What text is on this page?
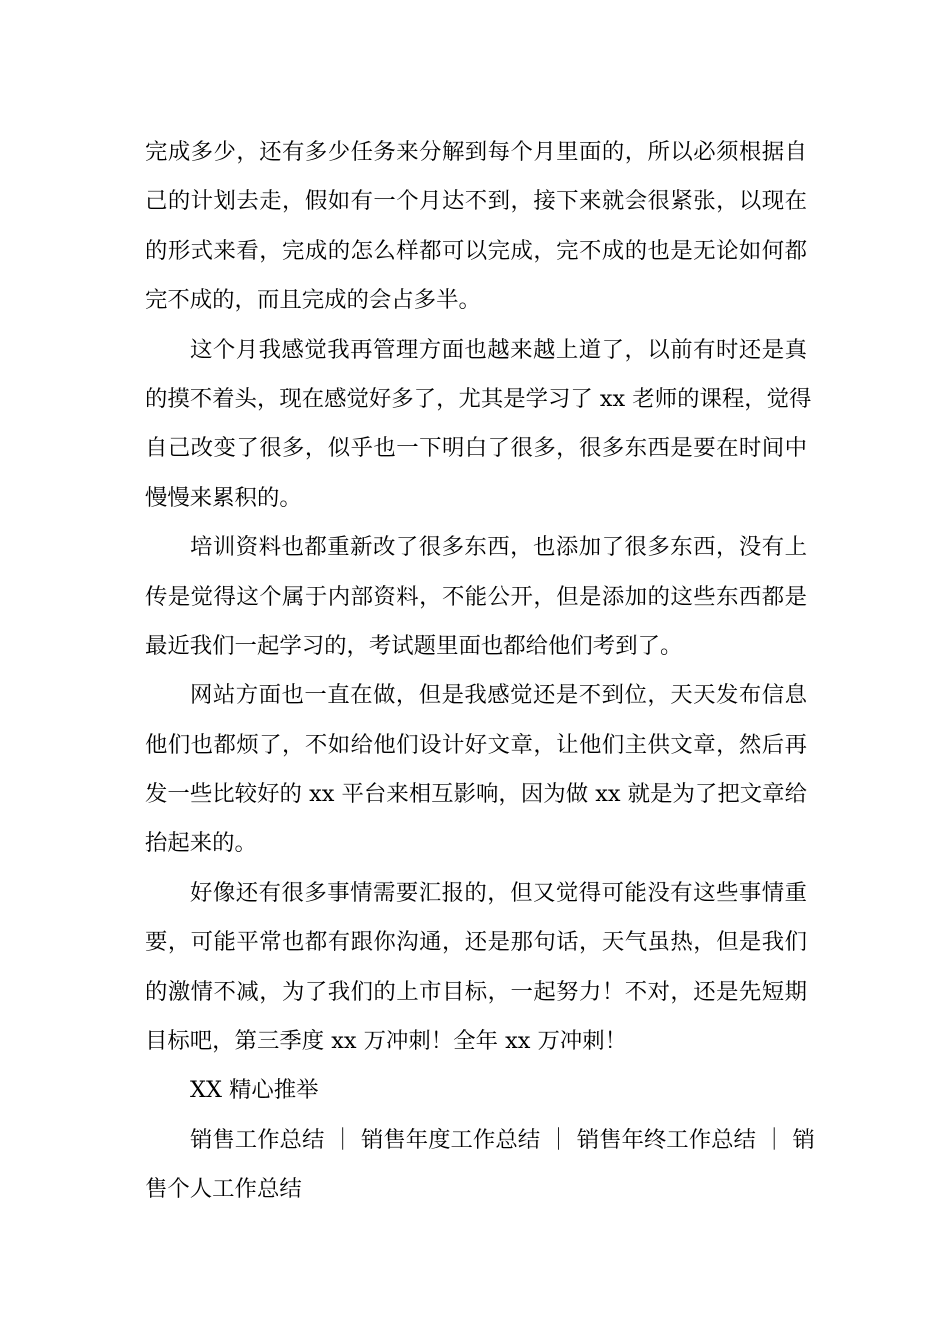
完成多少，还有多少任务来分解到每个月里面的，所以必须根据自
己的计划去走，假如有一个月达不到，接下来就会很紧张，以现在
的形式来看，完成的怎么样都可以完成，完不成的也是无论如何都
完不成的，而且完成的会占多半。
这个月我感觉我再管理方面也越来越上道了，以前有时还是真
的摸不着头，现在感觉好多了，尤其是学习了 xx 老师的课程，觉得
自己改变了很多，似乎也一下明白了很多，很多东西是要在时间中
慢慢来累积的。
培训资料也都重新改了很多东西，也添加了很多东西，没有上
传是觉得这个属于内部资料，不能公开，但是添加的这些东西都是
最近我们一起学习的，考试题里面也都给他们考到了。
网站方面也一直在做，但是我感觉还是不到位，天天发布信息
他们也都烦了，不如给他们设计好文章，让他们主供文章，然后再
发一些比较好的 xx 平台来相互影响，因为做 xx 就是为了把文章给
抬起来的。
好像还有很多事情需要汇报的，但又觉得可能没有这些事情重
要，可能平常也都有跟你沟通，还是那句话，天气虽热，但是我们
的激情不减，为了我们的上市目标，一起努力！不对，还是先短期
目标吧，第三季度 xx 万冲刺！全年 xx 万冲刺！
XX 精心推举
销售工作总结 ｜ 销售年度工作总结 ｜ 销售年终工作总结 ｜ 销
售个人工作总结
